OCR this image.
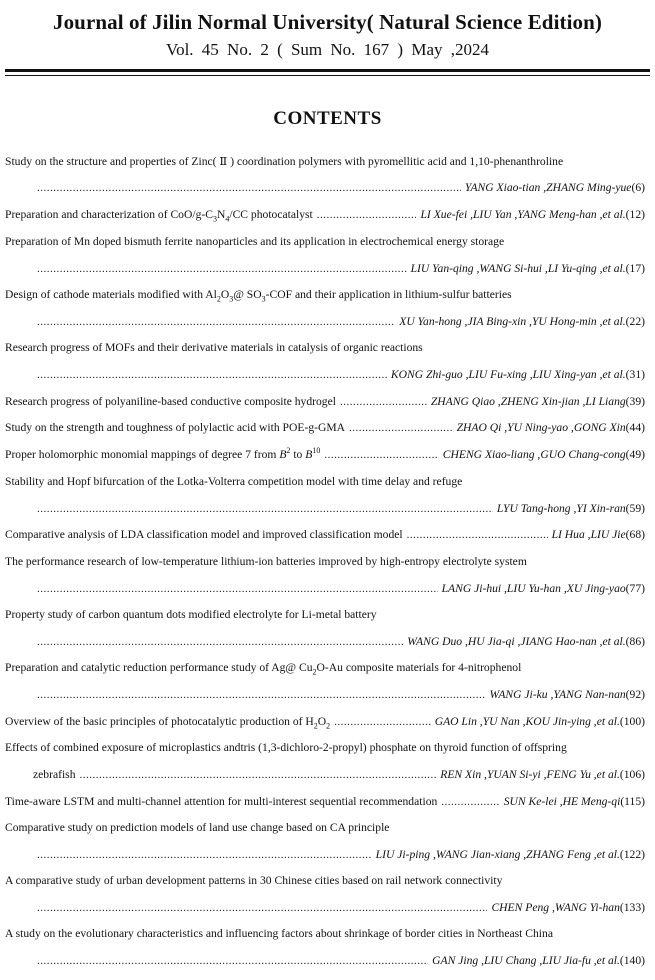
Journal of Jilin Normal University( Natural Science Edition)
Vol. 45 No. 2 ( Sum No. 167 ) May ,2024
CONTENTS
Study on the structure and properties of Zinc( Ⅱ ) coordination polymers with pyromellitic acid and 1,10-phenanthroline
.....
YANG Xiao-tian ,ZHANG Ming-yue (6)
Preparation and characterization of CoO/$g-C_3N_4/CC$ photocatalyst .....	LI Xue-fei ,LIU Yan ,YANG Meng-han ,et al. (12)
Preparation of Mn doped bismuth ferrite nanoparticles and its application in electrochemical energy storage
.....
LIU Yan-qing ,WANG Si-hui ,LI Yu-qing ,et al. (17)
Design of cathode materials modified with $Al_2O_3@$ $SO_3$-COF and their application in lithium-sulfur batteries
.....
XU Yan-hong ,JIA Bing-xin ,YU Hong-min ,et al. (22)
Research progress of MOFs and their derivative materials in catalysis of organic reactions
.....
KONG Zhi-guo ,LIU Fu-xing ,LIU Xing-yan ,et al. (31)
Research progress of polyaniline-based conductive composite hydrogel .....	ZHANG Qiao ,ZHENG Xin-jian ,LI Liang (39)
Study on the strength and toughness of polylactic acid with POE-g-GMA .....	ZHAO Qi ,YU Ning-yao ,GONG Xin (44)
Proper holomorphic monomial mappings of degree 7 from $B^2$ to $B^{10}$ .....	CHENG Xiao-liang ,GUO Chang-cong (49)
Stability and Hopf bifurcation of the Lotka-Volterra competition model with time delay and refuge
.....
LYU Tang-hong ,YI Xin-ran (59)
Comparative analysis of LDA classification model and improved classification model .....	LI Hua ,LIU Jie (68)
The performance research of low-temperature lithium-ion batteries improved by high-entropy electrolyte system
.....
LANG Ji-hui ,LIU Yu-han ,XU Jing-yao (77)
Property study of carbon quantum dots modified electrolyte for Li-metal battery
.....
WANG Duo ,HU Jia-qi ,JIANG Hao-nan ,et al. (86)
Preparation and catalytic reduction performance study of Ag@ $Cu_2O-Au$ composite materials for 4-nitrophenol
.....
WANG Ji-ku ,YANG Nan-nan (92)
Overview of the basic principles of photocatalytic production of $H_2O_2$ .....	GAO Lin ,YU Nan ,KOU Jin-ying ,et al. (100)
Effects of combined exposure of microplastics andtris (1,3-dichloro-2-propyl) phosphate on thyroid function of offspring
zebrafish .....	REN Xin ,YUAN Si-yi ,FENG Yu ,et al. (106)
Time-aware LSTM and multi-channel attention for multi-interest sequential recommendation .....	SUN Ke-lei ,HE Meng-qi (115)
Comparative study on prediction models of land use change based on CA principle
.....
LIU Ji-ping ,WANG Jian-xiang ,ZHANG Feng ,et al. (122)
A comparative study of urban development patterns in 30 Chinese cities based on rail network connectivity
.....
CHEN Peng ,WANG Yi-han (133)
A study on the evolutionary characteristics and influencing factors about shrinkage of border cities in Northeast China
.....
GAN Jing ,LIU Chang ,LIU Jia-fu ,et al. (140)
